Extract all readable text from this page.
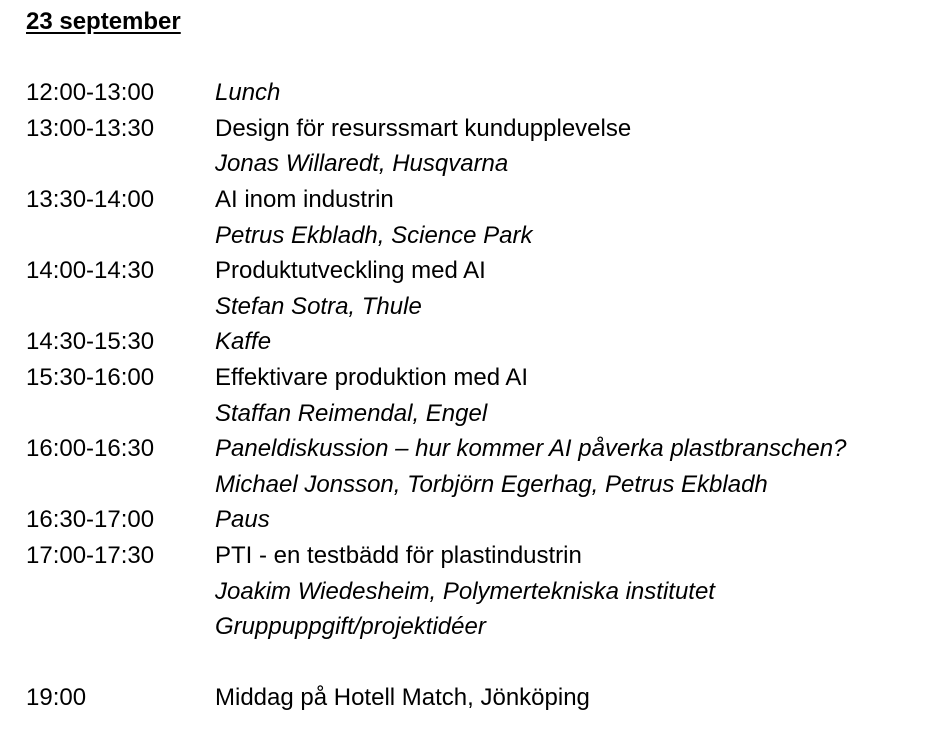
23 september
12:00-13:00	Lunch
13:00-13:30	Design för resurssmart kundupplevelse
Jonas Willaredt, Husqvarna
13:30-14:00	AI inom industrin
Petrus Ekbladh, Science Park
14:00-14:30	Produktutveckling med AI
Stefan Sotra, Thule
14:30-15:30	Kaffe
15:30-16:00	Effektivare produktion med AI
Staffan Reimendal, Engel
16:00-16:30	Paneldiskussion – hur kommer AI påverka plastbranschen?
Michael Jonsson, Torbjörn Egerhag, Petrus Ekbladh
16:30-17:00	Paus
17:00-17:30	PTI - en testbädd för plastindustrin
Joakim Wiedesheim, Polymertekniska institutet
Gruppuppgift/projektidéer
19:00	Middag på Hotell Match, Jönköping
